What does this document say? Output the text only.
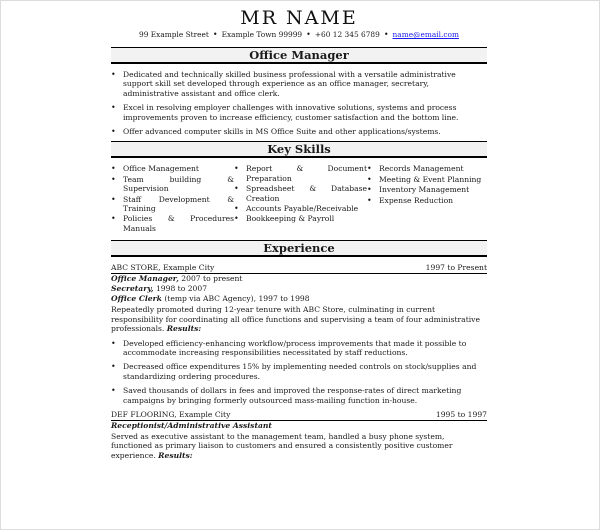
MR NAME
99 Example Street • Example Town 99999 • +60 12 345 6789 • name@email.com
Office Manager
• Dedicated and technically skilled business professional with a versatile administrative support skill set developed through experience as an office manager, secretary, administrative assistant and office clerk.
• Excel in resolving employer challenges with innovative solutions, systems and process improvements proven to increase efficiency, customer satisfaction and the bottom line.
• Offer advanced computer skills in MS Office Suite and other applications/systems.
Key Skills
• Office Management
• Team building & Supervision
• Staff Development & Training
• Policies & Procedures Manuals
• Report & Document Preparation
• Spreadsheet & Database Creation
• Accounts Payable/Receivable
• Bookkeeping & Payroll
• Records Management
• Meeting & Event Planning
• Inventory Management
• Expense Reduction
Experience
ABC STORE, Example City	1997 to Present
Office Manager, 2007 to present
Secretary, 1998 to 2007
Office Clerk (temp via ABC Agency), 1997 to 1998
Repeatedly promoted during 12-year tenure with ABC Store, culminating in current responsibility for coordinating all office functions and supervising a team of four administrative professionals. Results:
• Developed efficiency-enhancing workflow/process improvements that made it possible to accommodate increasing responsibilities necessitated by staff reductions.
• Decreased office expenditures 15% by implementing needed controls on stock/supplies and standardizing ordering procedures.
• Saved thousands of dollars in fees and improved the response-rates of direct marketing campaigns by bringing formerly outsourced mass-mailing function in-house.
DEF FLOORING, Example City	1995 to 1997
Receptionist/Administrative Assistant
Served as executive assistant to the management team, handled a busy phone system, functioned as primary liaison to customers and ensured a consistently positive customer experience. Results:
